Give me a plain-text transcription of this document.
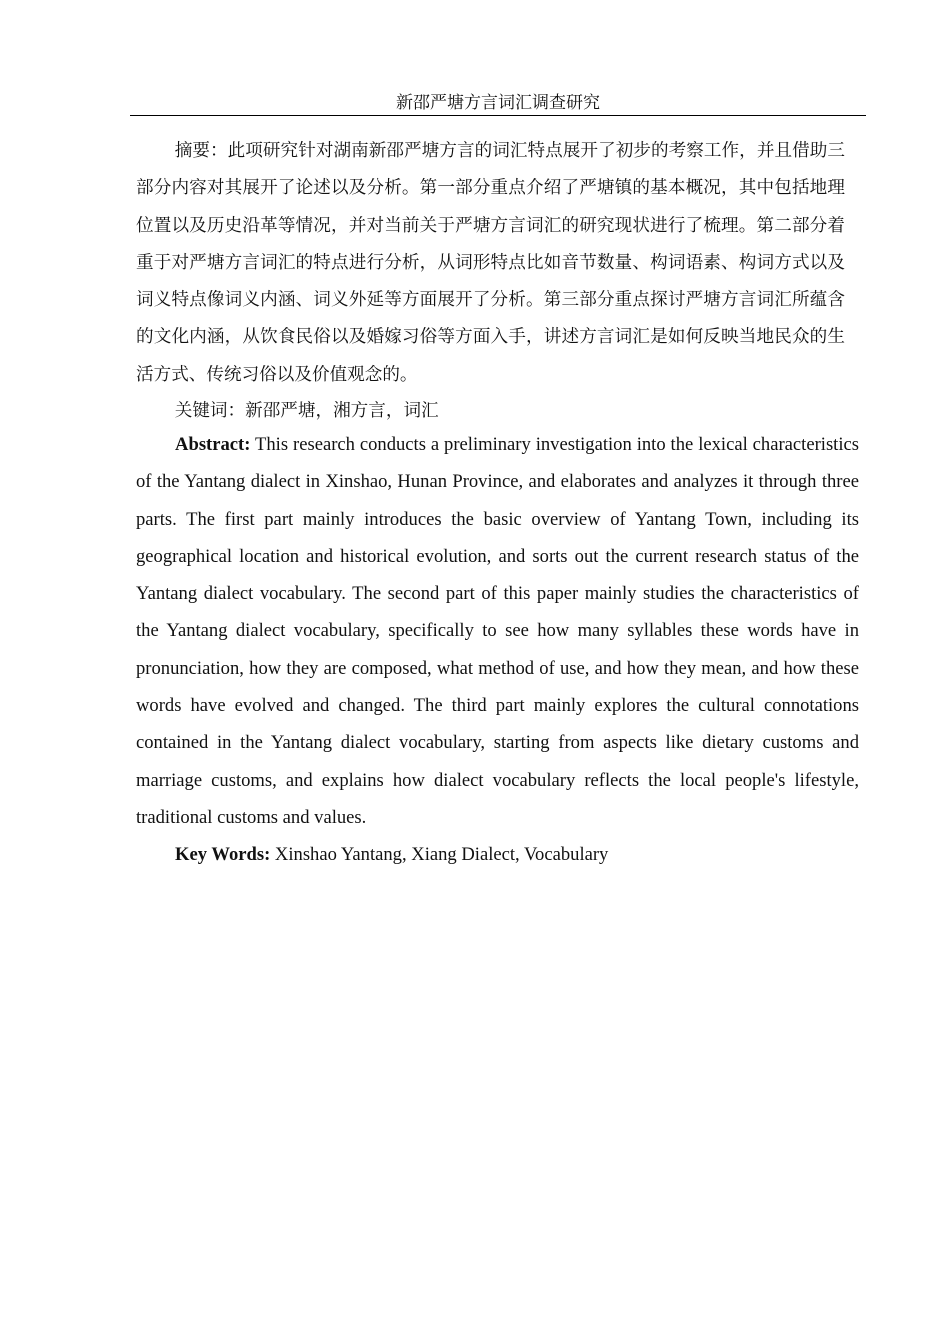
新邵严塘方言词汇调查研究

摘要：此项研究针对湖南新邵严塘方言的词汇特点展开了初步的考察工作，并且借助三部分内容对其展开了论述以及分析。第一部分重点介绍了严塘镇的基本概况，其中包括地理位置以及历史沿革等情况，并对当前关于严塘方言词汇的研究现状进行了梳理。第二部分着重于对严塘方言词汇的特点进行分析，从词形特点比如音节数量、构词语素、构词方式以及词义特点像词义内涵、词义外延等方面展开了分析。第三部分重点探讨严塘方言词汇所蕴含的文化内涵，从饮食民俗以及婚嫁习俗等方面入手，讲述方言词汇是如何反映当地民众的生活方式、传统习俗以及价值观念的。

关键词：新邵严塘，湘方言，词汇

Abstract: This research conducts a preliminary investigation into the lexical characteristics of the Yantang dialect in Xinshao, Hunan Province, and elaborates and analyzes it through three parts. The first part mainly introduces the basic overview of Yantang Town, including its geographical location and historical evolution, and sorts out the current research status of the Yantang dialect vocabulary. The second part of this paper mainly studies the characteristics of the Yantang dialect vocabulary, specifically to see how many syllables these words have in pronunciation, how they are composed, what method of use, and how they mean, and how these words have evolved and changed. The third part mainly explores the cultural connotations contained in the Yantang dialect vocabulary, starting from aspects like dietary customs and marriage customs, and explains how dialect vocabulary reflects the local people's lifestyle, traditional customs and values.

Key Words: Xinshao Yantang, Xiang Dialect, Vocabulary
